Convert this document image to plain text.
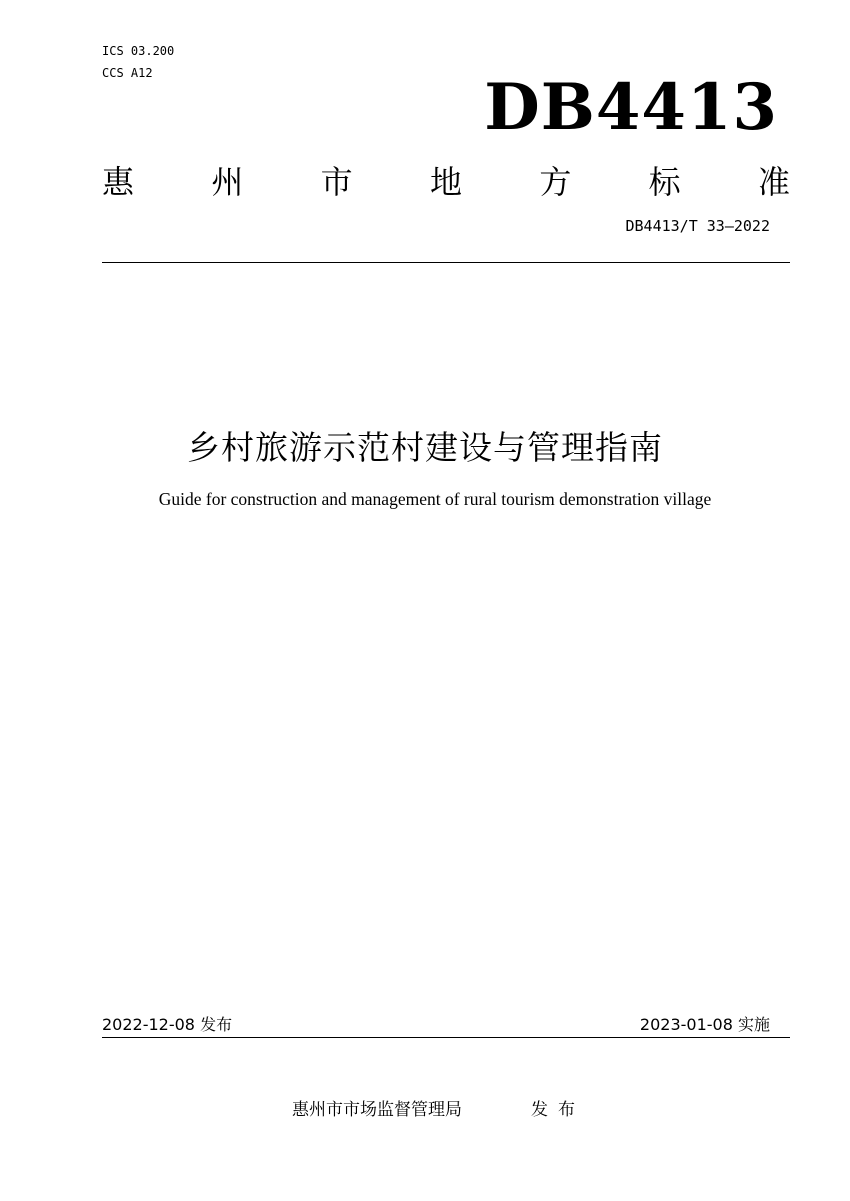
ICS 03.200
CCS A12	DB4413
惠 州 市 地 方 标 准
DB4413/T 33—2022
乡村旅游示范村建设与管理指南
Guide for construction and management of rural tourism demonstration village
2022-12-08 发布	2023-01-08 实施
惠州市市场监督管理局	发布
